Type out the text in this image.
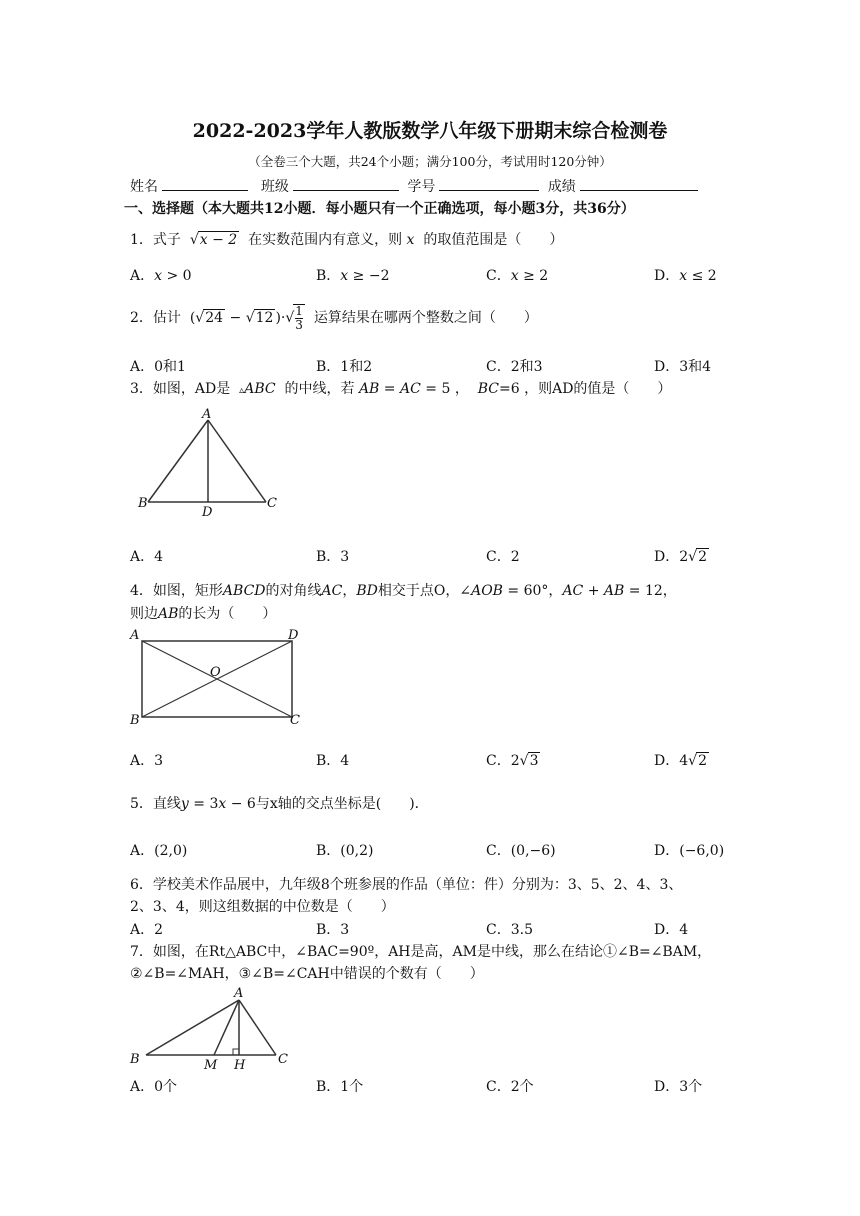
2022-2023学年人教版数学八年级下册期末综合检测卷
（全卷三个大题，共24个小题；满分100分，考试用时120分钟）
姓名	班级	学号	成绩
一、选择题（本大题共12小题．每小题只有一个正确选项，每小题3分，共36分）
1．式子 √x − 2 在实数范围内有意义，则 x 的取值范围是（　　）
A．x > 0	B．x ≥ −2	C．x ≥ 2	D．x ≤ 2
2．估计  (√24 − √12 )·√ $\frac{1}{3}$ 运算结果在哪两个整数之间（　　）
A．0和1	B．1和2	C．2和3	D．3和4
3．如图，AD是 ▵ABC 的中线，若 AB = AC = 5 ， BC=6 ，则AD的值是（　　）
A
B	C
D
A．4	B．3	C．2	D．2√2
4．如图，矩形ABCD的对角线AC，BD相交于点O，∠AOB = 60°，AC + AB = 12，
则边AB的长为（　　）
A	D
B	C
O
A．3	B．4	C．2√3	D．4√2
5．直线y = 3x − 6与x轴的交点坐标是(　　)．
A．(2,0)	B．(0,2)	C．(0,−6)	D．(−6,0)
6．学校美术作品展中，九年级8个班参展的作品（单位：件）分别为：3、5、2、4、3、
2、3、4，则这组数据的中位数是（　　）
A．2	B．3	C．3.5	D．4
7．如图，在Rt△ABC中，∠BAC=90º，AH是高，AM是中线，那么在结论①∠B=∠BAM，
②∠B=∠MAH，③∠B=∠CAH中错误的个数有（　　）
A
B	C
M H
A．0个	B．1个	C．2个	D．3个
